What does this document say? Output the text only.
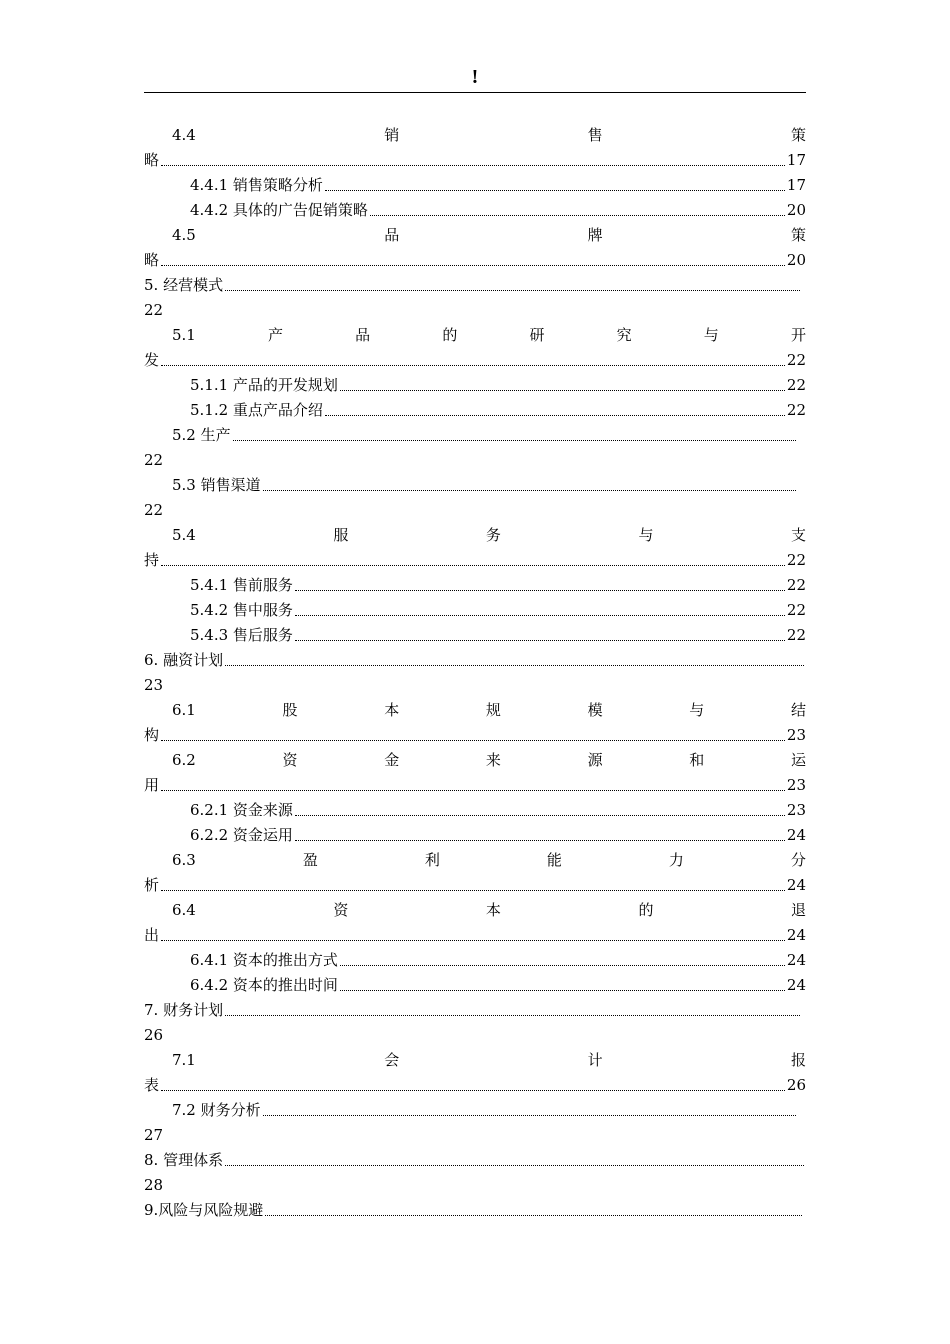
!
4.4	销	售	策
略	17
4.4.1 销售策略分析	17
4.4.2 具体的广告促销策略	20
4.5	品	牌	策
略	20
5. 经营模式
22
5.1	产	品	的	研	究	与	开
发	22
5.1.1 产品的开发规划	22
5.1.2 重点产品介绍	22
5.2 生产
22
5.3 销售渠道
22
5.4	服	务	与	支
持	22
5.4.1 售前服务	22
5.4.2 售中服务	22
5.4.3 售后服务	22
6. 融资计划
23
6.1	股	本	规	模	与	结
构	23
6.2	资	金	来	源	和	运
用	23
6.2.1 资金来源	23
6.2.2 资金运用	24
6.3	盈	利	能	力	分
析	24
6.4	资	本	的	退
出	24
6.4.1 资本的推出方式	24
6.4.2 资本的推出时间	24
7. 财务计划
26
7.1	会	计	报
表	26
7.2 财务分析
27
8. 管理体系
28
9.风险与风险规避
